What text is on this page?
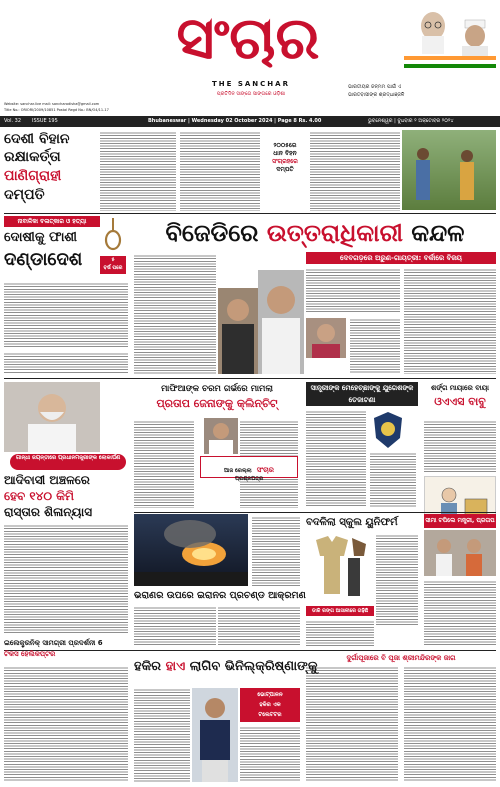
ସଂଚାର
THE SANCHAR
ପ୍ରତିଦିନ ସାଙ୍ଗେ ସାଙ୍ଗରେ ଓଡ଼ିଶା
Website: sanchar.live mail: sancharodisha@gmail.com
Title No.: ORIORI/2009/10851 Postal Regd No.: BN/O4/11-17
ଭାରତୀୟର ଜନ୍ମମ ପାଇଁ ଏ
ଭାରତବାସୀଙ୍କ ଶ୍ରଦ୍ଧାଞ୍ଜଳି
Vol. 32 ISSUE 195	Bhubaneswar | Wednesday 02 October 2024 | Page 8 Rs. 4.00	ଭୁବନେଶ୍ୱର | ବୁଧବାର ୨ ଅକ୍ଟୋବର ୨୦୨୪
ଦେଶୀ ବିହାନ
ରକ୍ଷାକର୍ତ୍ତା
ପାଣିଗ୍ରାହୀ
ଦମ୍ପତି
୨୦୦୫ରେ
ଧାନ ବିହନ
ସଂଗ୍ରହରେ
ଦମ୍ପତି
ନାବାଳିକା ବଳାତ୍କାର ଓ ହତ୍ୟା
ଦୋଷୀକୁ ଫାଶୀ
ଦଣ୍ଡାଦେଶ	୫
ବର୍ଷ ପରେ
ବିଜେଡିରେ ଉତ୍ତରାଧିକାରୀ କନ୍ଦଳ
ଦେବଗଡ଼ରେ ଅରୁଣ-ଗାୟତ୍ରୀ: ବର୍କାରେ ବିଜୟ
ଗାନ୍ଧୀ ଜୟନ୍ତୀରେ ପ୍ରଧାନମନ୍ତ୍ରୀଙ୍କ ଲୋକାର୍ପଣ
ଆଦିବାସୀ ଅଞ୍ଚଳରେ
ହେବ ୧୪୦ କିମି
ରାସ୍ତାର ଶିଳାନ୍ୟାସ
ମାଫିଆଙ୍କ ଚରମ ଗର୍ଭରେ ମାମଲା
ପ୍ରତାପ ଜେନାଙ୍କୁ କ୍ଲିନ୍‌ଚିଟ୍
ସାନ୍ତ୍ରୀଙ୍କ ମେହେଚ୍ଛାଙ୍କୁ ଯୁଗେଶଙ୍କ ତେଜାଟଣା
ଆଜ ରେଲ୍ଲା ସଂଚାର
ପ୍ରଶ୍ନପତ୍ର
ଶର୍ଙ୍ଗ ମାୟାରେ ବାୟା
ଓଏଏସ ବାବୁ
ଭରାଣର ଉପରେ ଇରାନର ପ୍ରଚଣ୍ଡ ଆକ୍ରମଣ
ବଦଳିଲା ସ୍କୁଲ ୟୁନିଫର୍ମ
ଡାକି ରଙ୍ଗ ଆସାଳୀରେ ଗଢ଼ିଛି
ସୀମା ଟପିଲେ ମନ୍ତ୍ରୀ, ପ୍ରତାପ
ଦୁର୍ଗାପୂଜାରେ ବି ପୂଜା ଶ୍ରୀମନ୍ଦିରଙ୍କ ଜାଗ
ଇଲେକ୍ଟ୍ରନିକ୍ ସାମଗ୍ରୀ ପ୍ରଦର୍ଶନୀ 6
ଟିକସ ହେଲିକପ୍ଟର
ହକିର ହାଏ ଲାଗିବ ଭିନିଲ୍‌କ୍ରିଷ୍ଣାଙ୍କୁ
ଭୋଟ୍‌ପାଳନ
ହକିର ଏକ
ଟଲେଟଟର
